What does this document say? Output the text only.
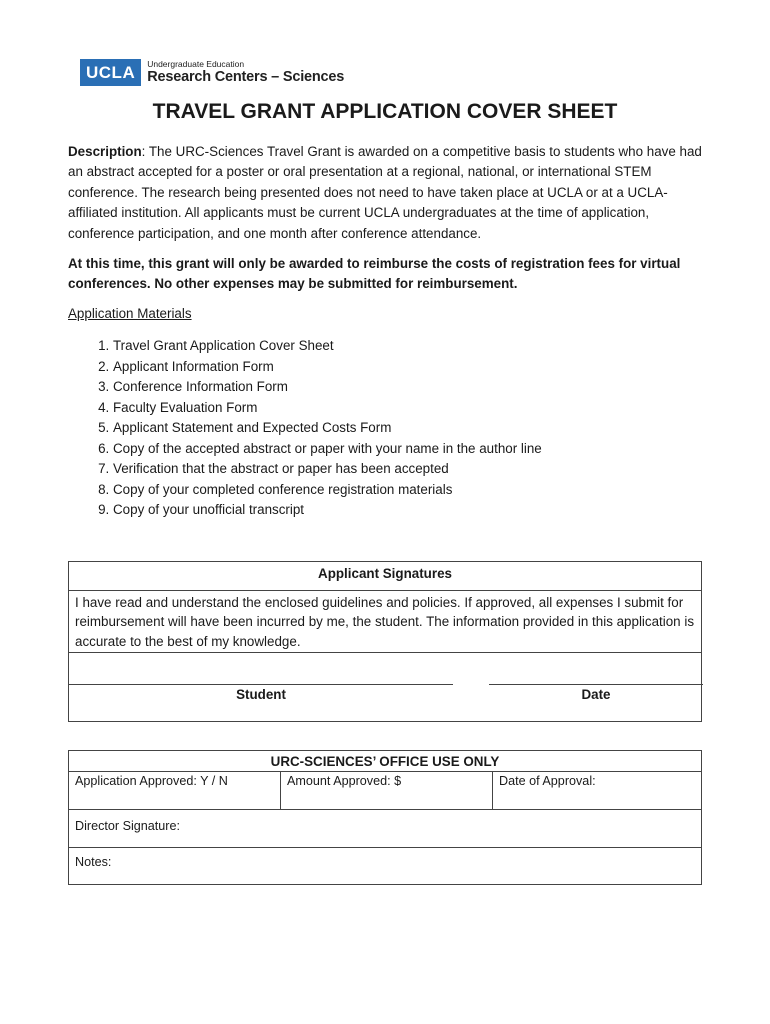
UCLA	Undergraduate Education
Research Centers – Sciences
TRAVEL GRANT APPLICATION COVER SHEET

Description: The URC-Sciences Travel Grant is awarded on a competitive basis to students who have had an abstract accepted for a poster or oral presentation at a regional, national, or international STEM conference. The research being presented does not need to have taken place at UCLA or at a UCLA-affiliated institution. All applicants must be current UCLA undergraduates at the time of application, conference participation, and one month after conference attendance.

At this time, this grant will only be awarded to reimburse the costs of registration fees for virtual conferences. No other expenses may be submitted for reimbursement.

Application Materials

1. Travel Grant Application Cover Sheet
2. Applicant Information Form
3. Conference Information Form
4. Faculty Evaluation Form
5. Applicant Statement and Expected Costs Form
6. Copy of the accepted abstract or paper with your name in the author line
7. Verification that the abstract or paper has been accepted
8. Copy of your completed conference registration materials
9. Copy of your unofficial transcript
Applicant Signatures
I have read and understand the enclosed guidelines and policies. If approved, all expenses I submit for reimbursement will have been incurred by me, the student. The information provided in this application is accurate to the best of my knowledge.
Student	Date
URC-SCIENCES’ OFFICE USE ONLY
Application Approved: Y / N	Amount Approved: $	Date of Approval:
Director Signature:
Notes:
